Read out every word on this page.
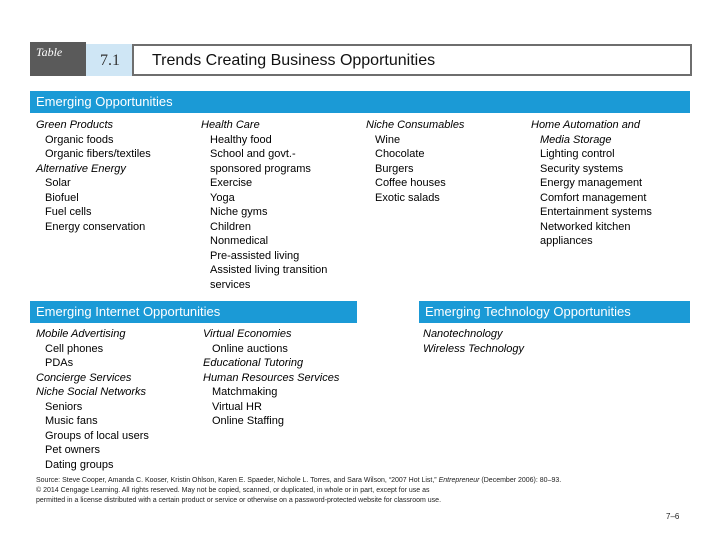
Table	7.1	Trends Creating Business Opportunities
Emerging Opportunities
Green Products
Organic foods
Organic fibers/textiles
Alternative Energy
Solar
Biofuel
Fuel cells
Energy conservation
Health Care
Healthy food
School and govt.-
sponsored programs
Exercise
Yoga
Niche gyms
Children
Nonmedical
Pre-assisted living
Assisted living transition
services
Niche Consumables
Wine
Chocolate
Burgers
Coffee houses
Exotic salads
Home Automation and
Media Storage
Lighting control
Security systems
Energy management
Comfort management
Entertainment systems
Networked kitchen
appliances
Emerging Internet Opportunities	Emerging Technology Opportunities
Mobile Advertising
Cell phones
PDAs
Concierge Services
Niche Social Networks
Seniors
Music fans
Groups of local users
Pet owners
Dating groups
Virtual Economies
Online auctions
Educational Tutoring
Human Resources Services
Matchmaking
Virtual HR
Online Staffing
Nanotechnology
Wireless Technology
Source: Steve Cooper, Amanda C. Kooser, Kristin Ohlson, Karen E. Spaeder, Nichole L. Torres, and Sara Wilson, “2007 Hot List,” Entrepreneur (December 2006): 80–93.
© 2014 Cengage Learning. All rights reserved. May not be copied, scanned, or duplicated, in whole or in part, except for use as
permitted in a license distributed with a certain product or service or otherwise on a password-protected website for classroom use.
7–6
